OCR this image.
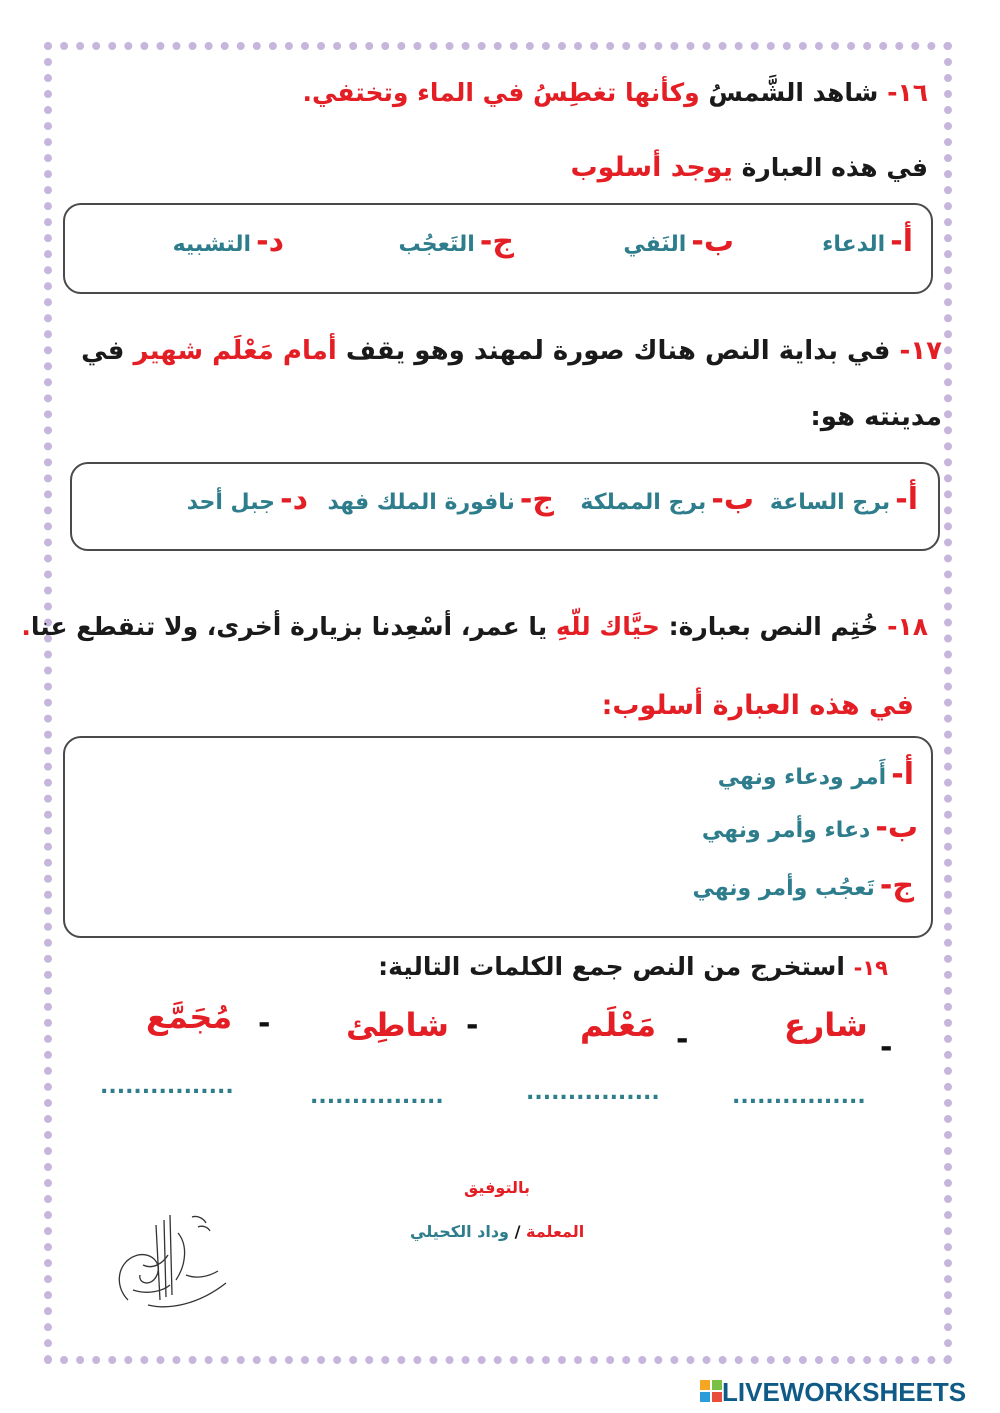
١٦- شاهد الشَّمسُ وكأنها تغطِسُ في الماء وتختفي.
في هذه العبارة يوجد أسلوب
أ- الدعاء
ب- النَفي
ج- التَعجُب
د- التشبيه
١٧- في بداية النص هناك صورة لمهند وهو يقف أمام مَعْلَم شهير في
مدينته هو:
أ- برج الساعة
ب- برج المملكة
ج- نافورة الملك فهد
د- جبل أحد
١٨- خُتِم النص بعبارة: حيَّاك للّهِ يا عمر، أسْعِدنا بزيارة أخرى، ولا تنقطع عنا.
في هذه العبارة أسلوب:
أ- أَمر ودعاء ونهي
ب- دعاء وأمر ونهي
ج- تَعجُب وأمر ونهي
١٩- استخرج من النص جمع الكلمات التالية:
-
شارع
-
مَعْلَم
-
شاطِئ
-
مُجَمَّع
................
................
................
................
بالتوفيق
المعلمة / وداد الكحيلي
LIVEWORKSHEETS
